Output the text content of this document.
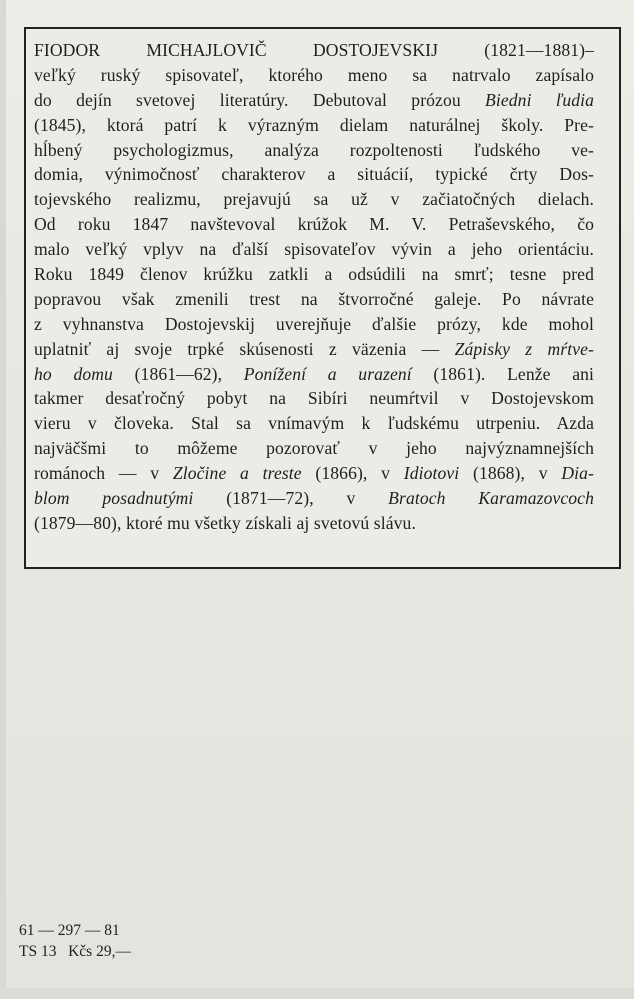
FIODOR MICHAJLOVIČ DOSTOJEVSKIJ (1821—1881)–
veľký ruský spisovateľ, ktorého meno sa natrvalo zapísalo
do dejín svetovej literatúry. Debutoval prózou Biedni ľudia
(1845), ktorá patrí k výrazným dielam naturálnej školy. Pre-
hĺbený psychologizmus, analýza rozpoltenosti ľudského ve-
domia, výnimočnosť charakterov a situácií, typické črty Dos-
tojevského realizmu, prejavujú sa už v začiatočných dielach.
Od roku 1847 navštevoval krúžok M. V. Petraševského, čo
malo veľký vplyv na ďalší spisovateľov vývin a jeho orientáciu.
Roku 1849 členov krúžku zatkli a odsúdili na smrť; tesne pred
popravou však zmenili trest na štvorročné galeje. Po návrate
z vyhnanstva Dostojevskij uverejňuje ďalšie prózy, kde mohol
uplatniť aj svoje trpké skúsenosti z väzenia — Zápisky z mŕtve-
ho domu (1861—62), Ponížení a urazení (1861). Lenže ani
takmer desaťročný pobyt na Sibíri neumŕtvil v Dostojevskom
vieru v človeka. Stal sa vnímavým k ľudskému utrpeniu. Azda
najväčšmi to môžeme pozorovať v jeho najvýznamnejších
románoch — v Zločine a treste (1866), v Idiotovi (1868), v Dia-
blom posadnutými (1871—72), v Bratoch Karamazovcoch
(1879—80), ktoré mu všetky získali aj svetovú slávu.
61 — 297 — 81
TS 13   Kčs 29,—
